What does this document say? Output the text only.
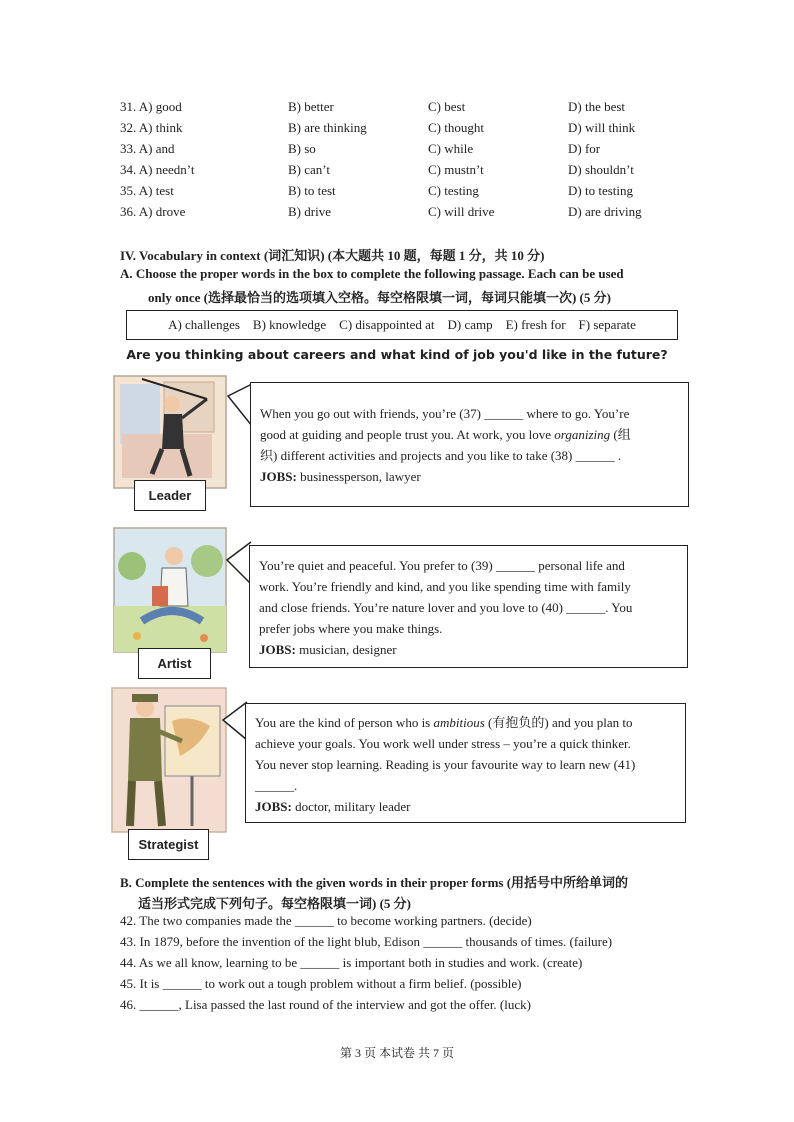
31. A) good	B) better	C) best	D) the best
32. A) think	B) are thinking	C) thought	D) will think
33. A) and	B) so	C) while	D) for
34. A) needn’t	B) can’t	C) mustn’t	D) shouldn’t
35. A) test	B) to test	C) testing	D) to testing
36. A) drove	B) drive	C) will drive	D) are driving
IV. Vocabulary in context (词汇知识) (本大题共 10 题，每题 1 分，共 10 分)
A. Choose the proper words in the box to complete the following passage. Each can be used
only once (选择最恰当的选项填入空格。每空格限填一词，每词只能填一次) (5 分)
A) challenges    B) knowledge    C) disappointed at    D) camp    E) fresh for    F) separate
Are you thinking about careers and what kind of job you'd like in the future?
Leader
When you go out with friends, you’re (37) ______ where to go. You’re
good at guiding and people trust you. At work, you love organizing (组
织) different activities and projects and you like to take (38) ______ .
JOBS: businessperson, lawyer
Artist
You’re quiet and peaceful. You prefer to (39) ______ personal life and
work. You’re friendly and kind, and you like spending time with family
and close friends. You’re nature lover and you love to (40) ______. You
prefer jobs where you make things.
JOBS: musician, designer
Strategist
You are the kind of person who is ambitious (有抱负的) and you plan to
achieve your goals. You work well under stress – you’re a quick thinker.
You never stop learning. Reading is your favourite way to learn new (41)
______.
JOBS: doctor, military leader
B. Complete the sentences with the given words in their proper forms (用括号中所给单词的
适当形式完成下列句子。每空格限填一词) (5 分)
42. The two companies made the ______ to become working partners. (decide)
43. In 1879, before the invention of the light blub, Edison ______ thousands of times. (failure)
44. As we all know, learning to be ______ is important both in studies and work. (create)
45. It is ______ to work out a tough problem without a firm belief. (possible)
46. ______, Lisa passed the last round of the interview and got the offer. (luck)
第 3 页 本试卷 共 7 页
